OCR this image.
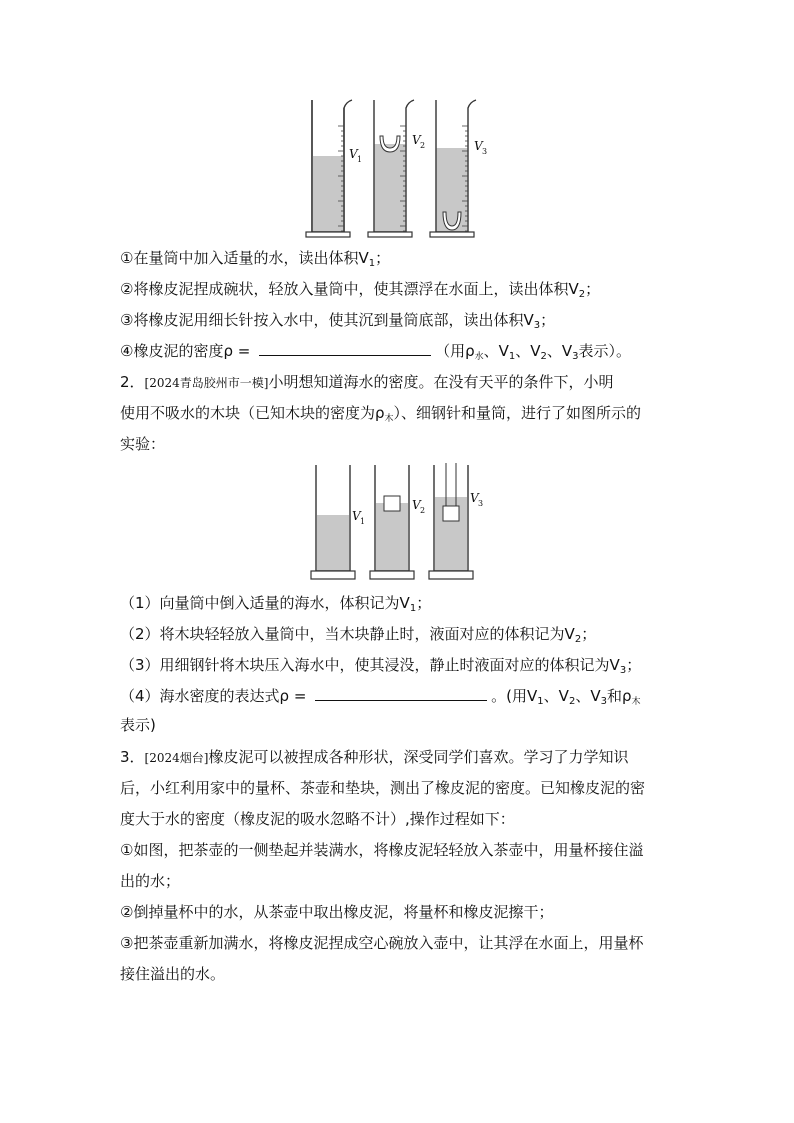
V 1
V 2	V 3
①在量筒中加入适量的水，读出体积$V_1$；
②将橡皮泥捏成碗状，轻放入量筒中，使其漂浮在水面上，读出体积$V_2$；
③将橡皮泥用细长针按入水中，使其沉到量筒底部，读出体积$V_3$；
④橡皮泥的密度ρ =	（用$\rho_水$、$V_1$、$V_2$、$V_3$表示）。
2．[2024青岛胶州市一模]小明想知道海水的密度。在没有天平的条件下，小明
使用不吸水的木块（已知木块的密度为$\rho_木$）、细钢针和量筒，进行了如图所示的
实验：
V 1
V 2
V 3
（1）向量筒中倒入适量的海水，体积记为$V_1$；
（2）将木块轻轻放入量筒中，当木块静止时，液面对应的体积记为$V_2$；
（3）用细钢针将木块压入海水中，使其浸没，静止时液面对应的体积记为$V_3$；
（4）海水密度的表达式ρ =	。(用$V_1$、$V_2$、$V_3$和$\rho_木$
表示)
3．[2024烟台]橡皮泥可以被捏成各种形状，深受同学们喜欢。学习了力学知识
后，小红利用家中的量杯、茶壶和垫块，测出了橡皮泥的密度。已知橡皮泥的密
度大于水的密度（橡皮泥的吸水忽略不计）,操作过程如下：
①如图，把茶壶的一侧垫起并装满水，将橡皮泥轻轻放入茶壶中，用量杯接住溢
出的水；
②倒掉量杯中的水，从茶壶中取出橡皮泥，将量杯和橡皮泥擦干；
③把茶壶重新加满水，将橡皮泥捏成空心碗放入壶中，让其浮在水面上，用量杯
接住溢出的水。
